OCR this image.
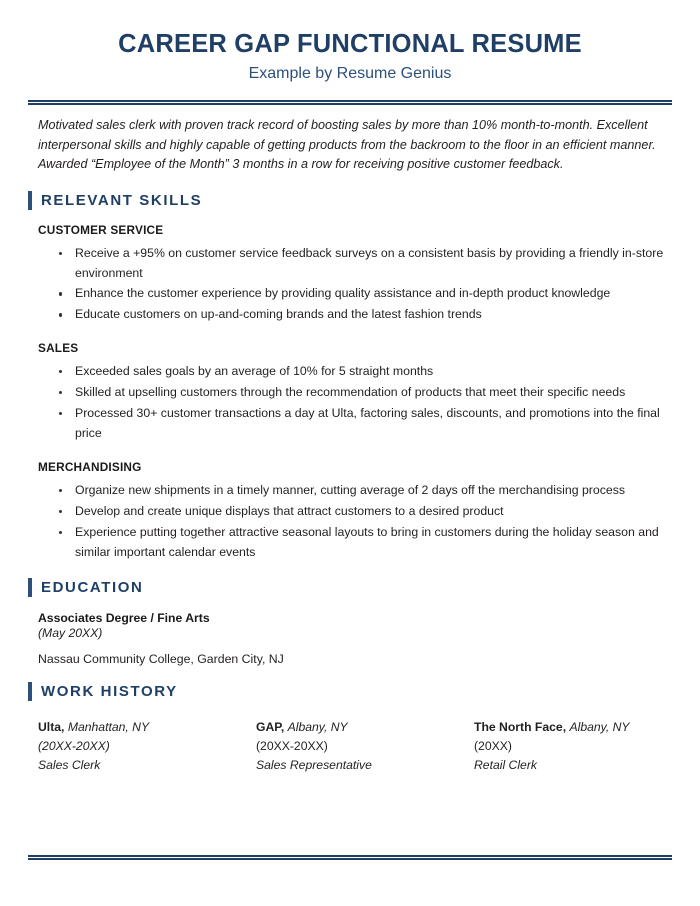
CAREER GAP FUNCTIONAL RESUME
Example by Resume Genius
Motivated sales clerk with proven track record of boosting sales by more than 10% month-to-month. Excellent interpersonal skills and highly capable of getting products from the backroom to the floor in an efficient manner. Awarded “Employee of the Month” 3 months in a row for receiving positive customer feedback.
RELEVANT SKILLS
CUSTOMER SERVICE
Receive a +95% on customer service feedback surveys on a consistent basis by providing a friendly in-store environment
Enhance the customer experience by providing quality assistance and in-depth product knowledge
Educate customers on up-and-coming brands and the latest fashion trends
SALES
Exceeded sales goals by an average of 10% for 5 straight months
Skilled at upselling customers through the recommendation of products that meet their specific needs
Processed 30+ customer transactions a day at Ulta, factoring sales, discounts, and promotions into the final price
MERCHANDISING
Organize new shipments in a timely manner, cutting average of 2 days off the merchandising process
Develop and create unique displays that attract customers to a desired product
Experience putting together attractive seasonal layouts to bring in customers during the holiday season and similar important calendar events
EDUCATION
Associates Degree / Fine Arts
(May 20XX)
Nassau Community College, Garden City, NJ
WORK HISTORY
Ulta, Manhattan, NY
(20XX-20XX)
Sales Clerk
GAP, Albany, NY
(20XX-20XX)
Sales Representative
The North Face, Albany, NY
(20XX)
Retail Clerk
